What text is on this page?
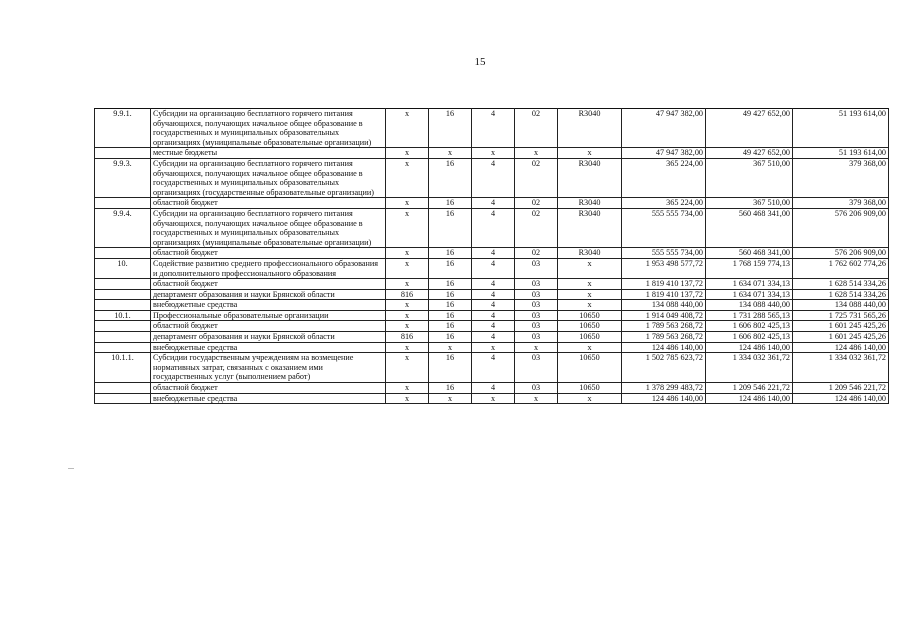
15
9.9.1.	Субсидии на организацию бесплатного горячего питания обучающихся, получающих начальное общее образование в государственных и муниципальных образовательных организациях (муниципальные образовательные организации)	х	16	4	02	R3040	47 947 382,00	49 427 652,00	51 193 614,00
	местные бюджеты	х	х	х	х	х	47 947 382,00	49 427 652,00	51 193 614,00
9.9.3.	Субсидии на организацию бесплатного горячего питания обучающихся, получающих начальное общее образование в государственных и муниципальных образовательных организациях (государственные образовательные организации)	х	16	4	02	R3040	365 224,00	367 510,00	379 368,00
	областной бюджет	х	16	4	02	R3040	365 224,00	367 510,00	379 368,00
9.9.4.	Субсидии на организацию бесплатного горячего питания обучающихся, получающих начальное общее образование в государственных и муниципальных образовательных организациях (муниципальные образовательные организации)	х	16	4	02	R3040	555 555 734,00	560 468 341,00	576 206 909,00
	областной бюджет	х	16	4	02	R3040	555 555 734,00	560 468 341,00	576 206 909,00
10.	Содействие развитию среднего профессионального образования и дополнительного профессионального образования	х	16	4	03	х	1 953 498 577,72	1 768 159 774,13	1 762 602 774,26
	областной бюджет	х	16	4	03	х	1 819 410 137,72	1 634 071 334,13	1 628 514 334,26
	департамент образования и науки Брянской области	816	16	4	03	х	1 819 410 137,72	1 634 071 334,13	1 628 514 334,26
	внебюджетные средства	х	16	4	03	х	134 088 440,00	134 088 440,00	134 088 440,00
10.1.	Профессиональные образовательные организации	х	16	4	03	10650	1 914 049 408,72	1 731 288 565,13	1 725 731 565,26
	областной бюджет	х	16	4	03	10650	1 789 563 268,72	1 606 802 425,13	1 601 245 425,26
	департамент образования и науки Брянской области	816	16	4	03	10650	1 789 563 268,72	1 606 802 425,13	1 601 245 425,26
	внебюджетные средства	х	х	х	х	х	124 486 140,00	124 486 140,00	124 486 140,00
10.1.1.	Субсидии государственным учреждениям на возмещение нормативных затрат, связанных с оказанием ими государственных услуг (выполнением работ)	х	16	4	03	10650	1 502 785 623,72	1 334 032 361,72	1 334 032 361,72
	областной бюджет	х	16	4	03	10650	1 378 299 483,72	1 209 546 221,72	1 209 546 221,72
	внебюджетные средства	х	х	х	х	х	124 486 140,00	124 486 140,00	124 486 140,00
